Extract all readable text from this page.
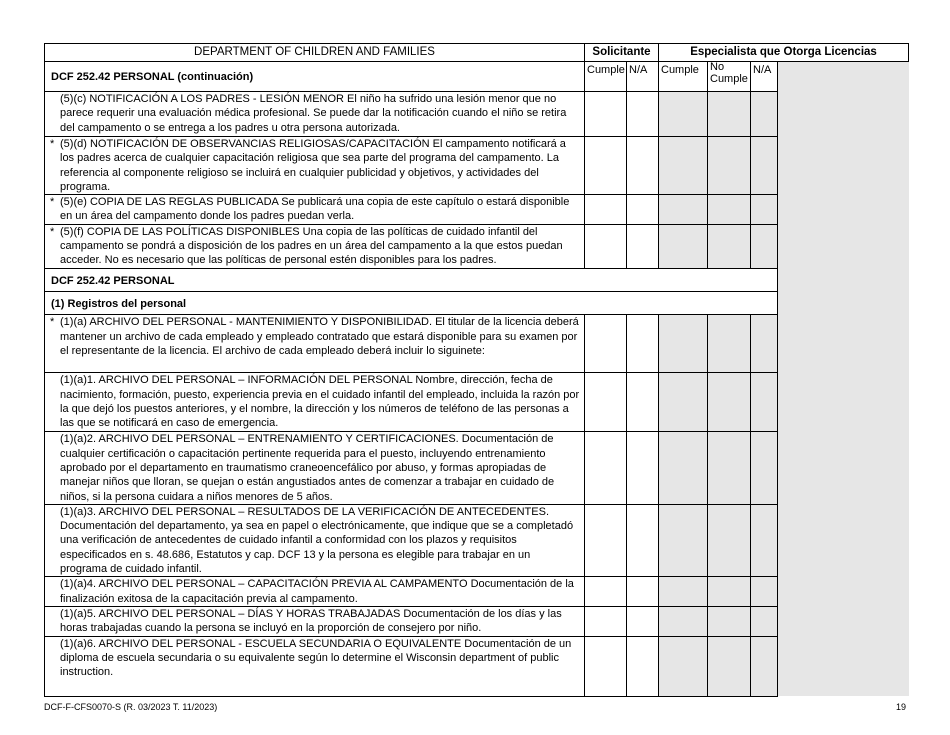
DEPARTMENT OF CHILDREN AND FAMILIES	Solicitante		Especialista que Otorga Licencias			
DCF 252.42 PERSONAL (continuación)	Cumple	N/A	Cumple	No Cumple	N/A	

(5)(c) NOTIFICACIÓN A LOS PADRES - LESIÓN MENOR El niño ha sufrido una lesión menor que no parece requerir una evaluación médica profesional. Se puede dar la notificación cuando el niño se retira del campamento o se entrega a los padres u otra persona autorizada.						

* (5)(d) NOTIFICACIÓN DE OBSERVANCIAS RELIGIOSAS/CAPACITACIÓN El campamento notificará a los padres acerca de cualquier capacitación religiosa que sea parte del programa del campamento. La referencia al componente religioso se incluirá en cualquier publicidad y objetivos, y actividades del programa.						

* (5)(e) COPIA DE LAS REGLAS PUBLICADA Se publicará una copia de este capítulo o estará disponible en un área del campamento donde los padres puedan verla.						

* (5)(f) COPIA DE LAS POLÍTICAS DISPONIBLES Una copia de las políticas de cuidado infantil del campamento se pondrá a disposición de los padres en un área del campamento a la que estos puedan acceder. No es necesario que las políticas de personal estén disponibles para los padres.						
DCF 252.42 PERSONAL						
(1) Registros del personal						

* (1)(a) ARCHIVO DEL PERSONAL - MANTENIMIENTO Y DISPONIBILIDAD. El titular de la licencia deberá mantener un archivo de cada empleado y empleado contratado que estará disponible para su examen por el representante de la licencia. El archivo de cada empleado deberá incluir lo siguinete:						

(1)(a)1. ARCHIVO DEL PERSONAL – INFORMACIÓN DEL PERSONAL Nombre, dirección, fecha de nacimiento, formación, puesto, experiencia previa en el cuidado infantil del empleado, incluida la razón por la que dejó los puestos anteriores, y el nombre, la dirección y los números de teléfono de las personas a las que se notificará en caso de emergencia.						

(1)(a)2. ARCHIVO DEL PERSONAL – ENTRENAMIENTO Y CERTIFICACIONES. Documentación de cualquier certificación o capacitación pertinente requerida para el puesto, incluyendo entrenamiento aprobado por el departamento en traumatismo craneoencefálico por abuso, y formas apropiadas de manejar niños que lloran, se quejan o están angustiados antes de comenzar a trabajar en cuidado de niños, si la persona cuidara a niños menores de 5 años.						

(1)(a)3. ARCHIVO DEL PERSONAL – RESULTADOS DE LA VERIFICACIÓN DE ANTECEDENTES. Documentación del departamento, ya sea en papel o electrónicamente, que indique que se a completadó una verificación de antecedentes de cuidado infantil a conformidad con los plazos y requisitos especificados en s. 48.686, Estatutos y cap. DCF 13 y la persona es elegible para trabajar en un programa de cuidado infantil.						

(1)(a)4. ARCHIVO DEL PERSONAL – CAPACITACIÓN PREVIA AL CAMPAMENTO Documentación de la finalización exitosa de la capacitación previa al campamento.						

(1)(a)5. ARCHIVO DEL PERSONAL – DÍAS Y HORAS TRABAJADAS Documentación de los días y las horas trabajadas cuando la persona se incluyó en la proporción de consejero por niño.						

(1)(a)6. ARCHIVO DEL PERSONAL - ESCUELA SECUNDARIA O EQUIVALENTE Documentación de un diploma de escuela secundaria o su equivalente según lo determine el Wisconsin department of public instruction.						
DCF-F-CFS0070-S (R. 03/2023 T. 11/2023)	19
